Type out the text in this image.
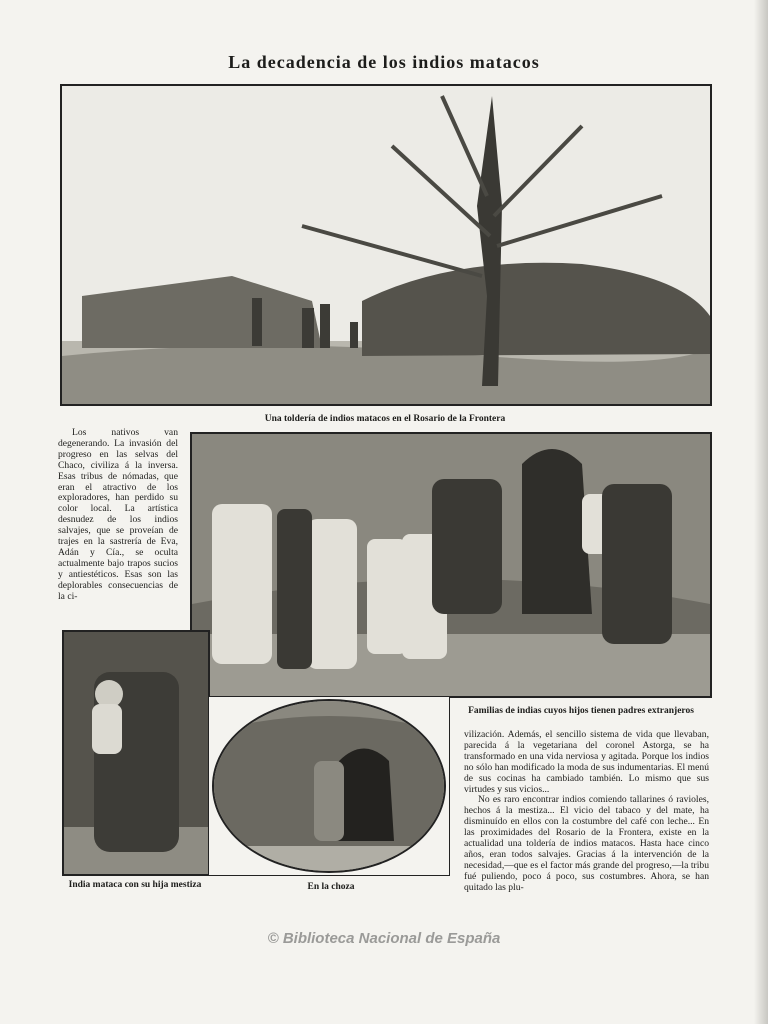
La decadencia de los indios matacos
Una toldería de indios matacos en el Rosario de la Frontera

Los nativos van degenerando. La invasión del progreso en las selvas del Chaco, civiliza á la inversa. Esas tribus de nómadas, que eran el atractivo de los exploradores, han perdido su color local. La artística desnudez de los indios salvajes, que se proveían de trajes en la sastrería de Eva, Adán y Cía., se oculta actualmente bajo trapos sucios y antiestéticos. Esas son las deplorables consecuencias de la ci-

India mataca con su hija mestiza	En la choza
Familias de indias cuyos hijos tienen padres extranjeros

vilización. Además, el sencillo sistema de vida que llevaban, parecida á la vegetariana del coronel Astorga, se ha transformado en una vida nerviosa y agitada. Porque los indios no sólo han modificado la moda de sus indumentarias. El menú de sus cocinas ha cambiado también. Lo mismo que sus virtudes y sus vicios...

No es raro encontrar indios comiendo tallarines ó ravioles, hechos á la mestiza... El vicio del tabaco y del mate, ha disminuído en ellos con la costumbre del café con leche... En las proximidades del Rosario de la Frontera, existe en la actualidad una toldería de indios matacos. Hasta hace cinco años, eran todos salvajes. Gracias á la intervención de la necesidad,—que es el factor más grande del progreso,—la tribu fué puliendo, poco á poco, sus costumbres. Ahora, se han quitado las plu-

© Biblioteca Nacional de España
